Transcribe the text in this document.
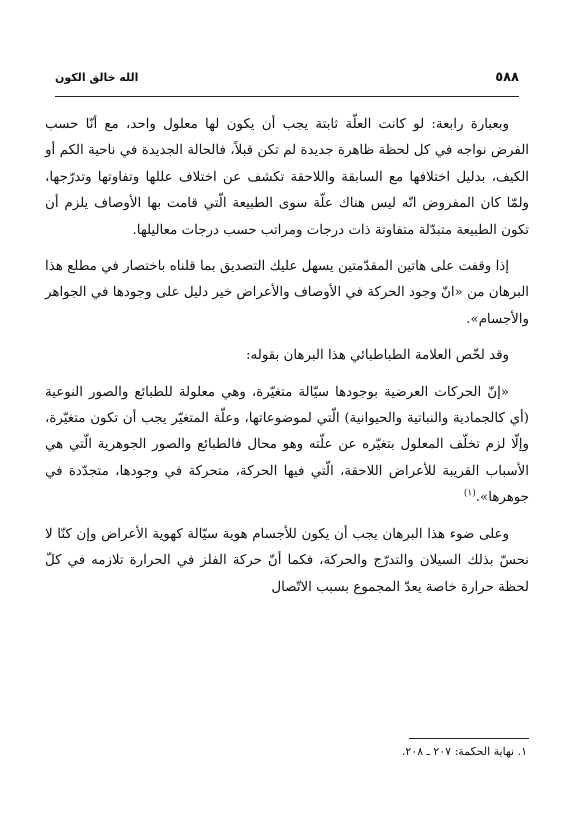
٥٨٨
الله خالق الكون

وبعبارة رابعة: لو كانت العلّة ثابتة يجب أن يكون لها معلول واحد، مع أنّا حسب الفرض نواجه في كل لحظة ظاهرة جديدة لم تكن قبلاً، فالحالة الجديدة في ناحية الكم أو الكيف، بدليل اختلافها مع السابقة واللاحقة تكشف عن اختلاف عللها وتفاوتها وتدرّجها، ولمّا كان المفروض انّه ليس هناك علّة سوى الطبيعة الّتي قامت بها الأوصاف يلزم أن تكون الطبيعة متبدّلة متفاوتة ذات درجات ومراتب حسب درجات معاليلها.

إذا وقفت على هاتين المقدّمتين يسهل عليك التصديق بما قلناه باختصار في مطلع هذا البرهان من «انّ وجود الحركة في الأوصاف والأعراض خير دليل على وجودها في الجواهر والأجسام».

وقد لخّص العلامة الطباطبائي هذا البرهان بقوله:

«إنّ الحركات العرضية بوجودها سيّالة متغيّرة، وهي معلولة للطبائع والصور النوعية (أي كالجمادية والنباتية والحيوانية) الّتي لموضوعاتها، وعلّة المتغيّر يجب أن تكون متغيّرة، وإلّا لزم تخلّف المعلول بتغيّره عن علّته وهو محال فالطبائع والصور الجوهرية الّتي هي الأسباب القريبة للأعراض اللاحقة، الّتي فيها الحركة، متحركة في وجودها، متجدّدة في جوهرها».$^{(١)}$

وعلى ضوء هذا البرهان يجب أن يكون للأجسام هوية سيّالة كهوية الأعراض وإن كنّا لا نحسّ بذلك السيلان والتدرّج والحركة، فكما أنّ حركة الفلز في الحرارة تلازمه في كلّ لحظة حرارة خاصة يعدّ المجموع بسبب الاتّصال

١. نهاية الحكمة: ٢٠٧ ـ ٢٠٨.
